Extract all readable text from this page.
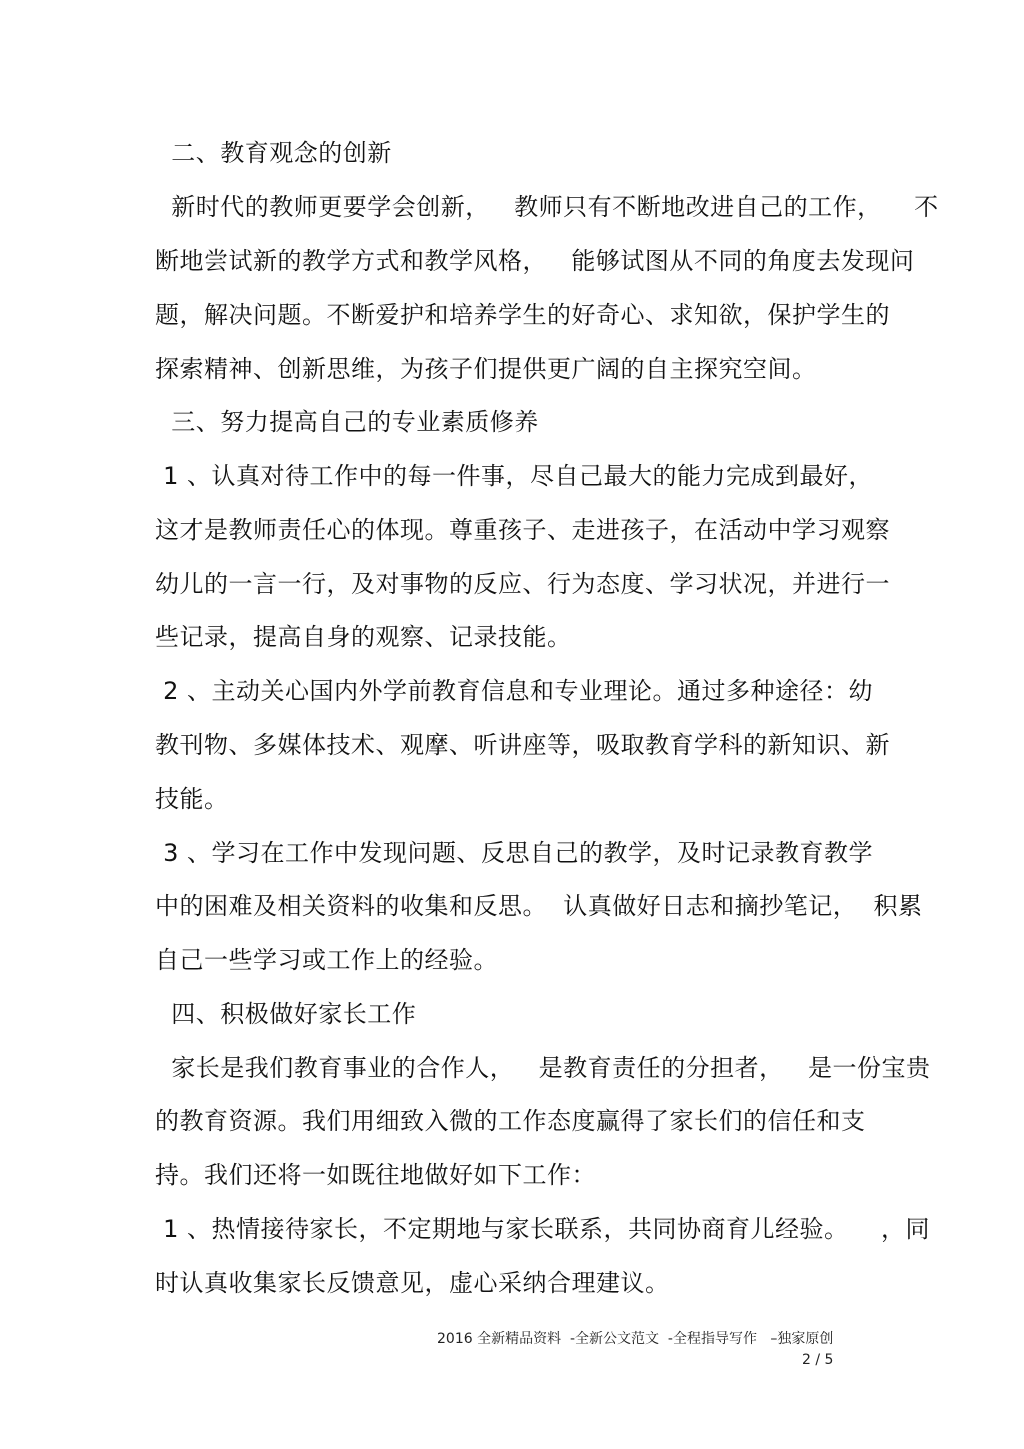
二、教育观念的创新
新时代的教师更要学会创新，   教师只有不断地改进自己的工作，    不
断地尝试新的教学方式和教学风格，   能够试图从不同的角度去发现问
题，解决问题。不断爱护和培养学生的好奇心、求知欲，保护学生的
探索精神、创新思维，为孩子们提供更广阔的自主探究空间。
三、努力提高自己的专业素质修养
1 、认真对待工作中的每一件事，尽自己最大的能力完成到最好，
这才是教师责任心的体现。尊重孩子、走进孩子，在活动中学习观察
幼儿的一言一行，及对事物的反应、行为态度、学习状况，并进行一
些记录，提高自身的观察、记录技能。
2 、主动关心国内外学前教育信息和专业理论。通过多种途径：幼
教刊物、多媒体技术、观摩、听讲座等，吸取教育学科的新知识、新
技能。
3 、学习在工作中发现问题、反思自己的教学，及时记录教育教学
中的困难及相关资料的收集和反思。  认真做好日志和摘抄笔记，  积累
自己一些学习或工作上的经验。
四、积极做好家长工作
家长是我们教育事业的合作人，   是教育责任的分担者，   是一份宝贵
的教育资源。我们用细致入微的工作态度赢得了家长们的信任和支
持。我们还将一如既往地做好如下工作：
1 、热情接待家长，不定期地与家长联系，共同协商育儿经验。    ，同
时认真收集家长反馈意见，虚心采纳合理建议。
2016 全新精品资料  -全新公文范文  -全程指导写作   –独家原创
2 / 5
